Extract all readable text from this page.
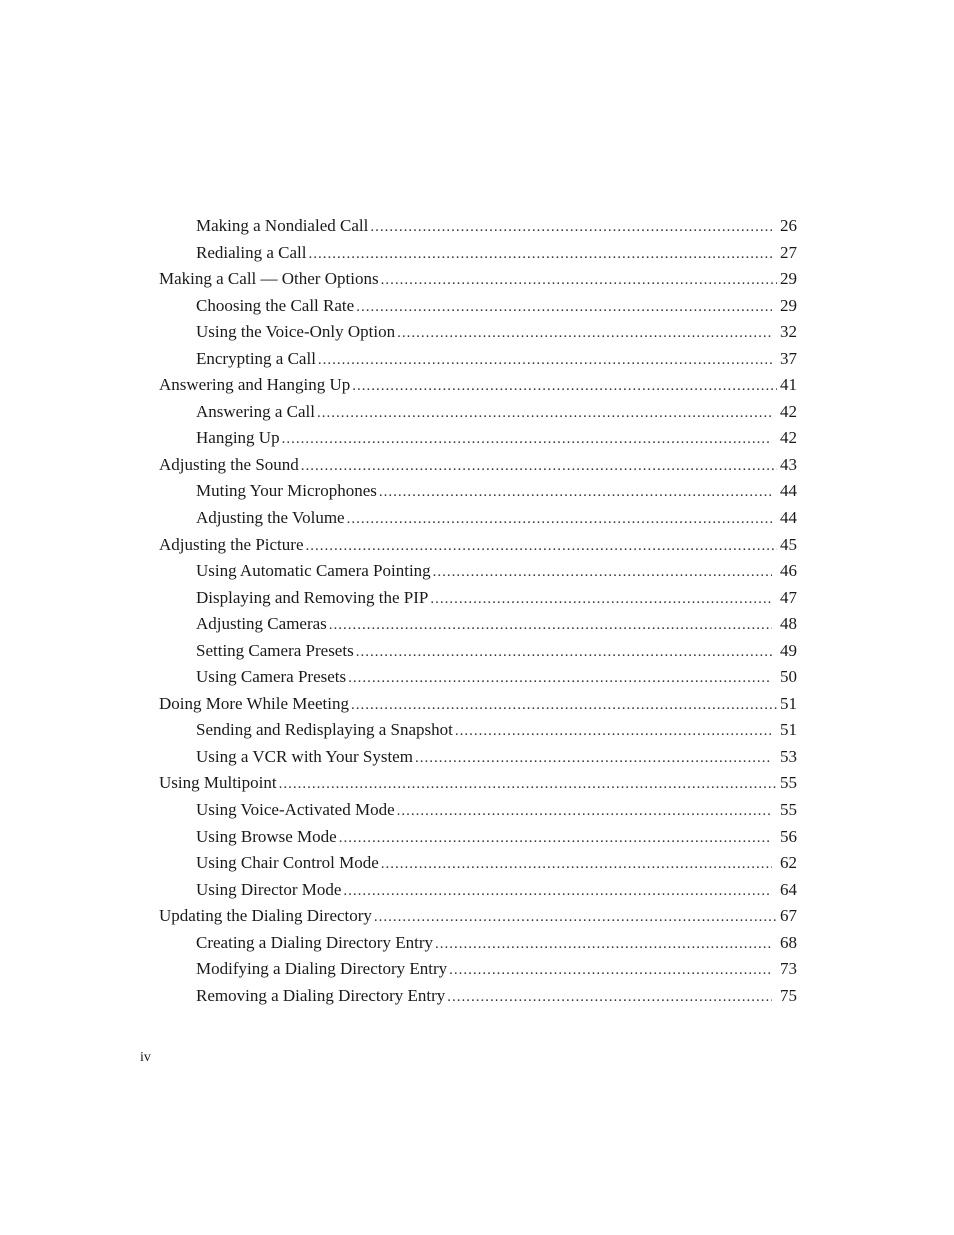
Making a Nondialed Call .....	26
Redialing a Call .....	27
Making a Call — Other Options .....	29
Choosing the Call Rate .....	29
Using the Voice-Only Option .....	32
Encrypting a Call .....	37
Answering and Hanging Up .....	41
Answering a Call .....	42
Hanging Up .....	42
Adjusting the Sound .....	43
Muting Your Microphones .....	44
Adjusting the Volume .....	44
Adjusting the Picture .....	45
Using Automatic Camera Pointing .....	46
Displaying and Removing the PIP .....	47
Adjusting Cameras .....	48
Setting Camera Presets .....	49
Using Camera Presets .....	50
Doing More While Meeting .....	51
Sending and Redisplaying a Snapshot .....	51
Using a VCR with Your System .....	53
Using Multipoint .....	55
Using Voice-Activated Mode .....	55
Using Browse Mode .....	56
Using Chair Control Mode .....	62
Using Director Mode .....	64
Updating the Dialing Directory .....	67
Creating a Dialing Directory Entry .....	68
Modifying a Dialing Directory Entry .....	73
Removing a Dialing Directory Entry .....	75
iv
